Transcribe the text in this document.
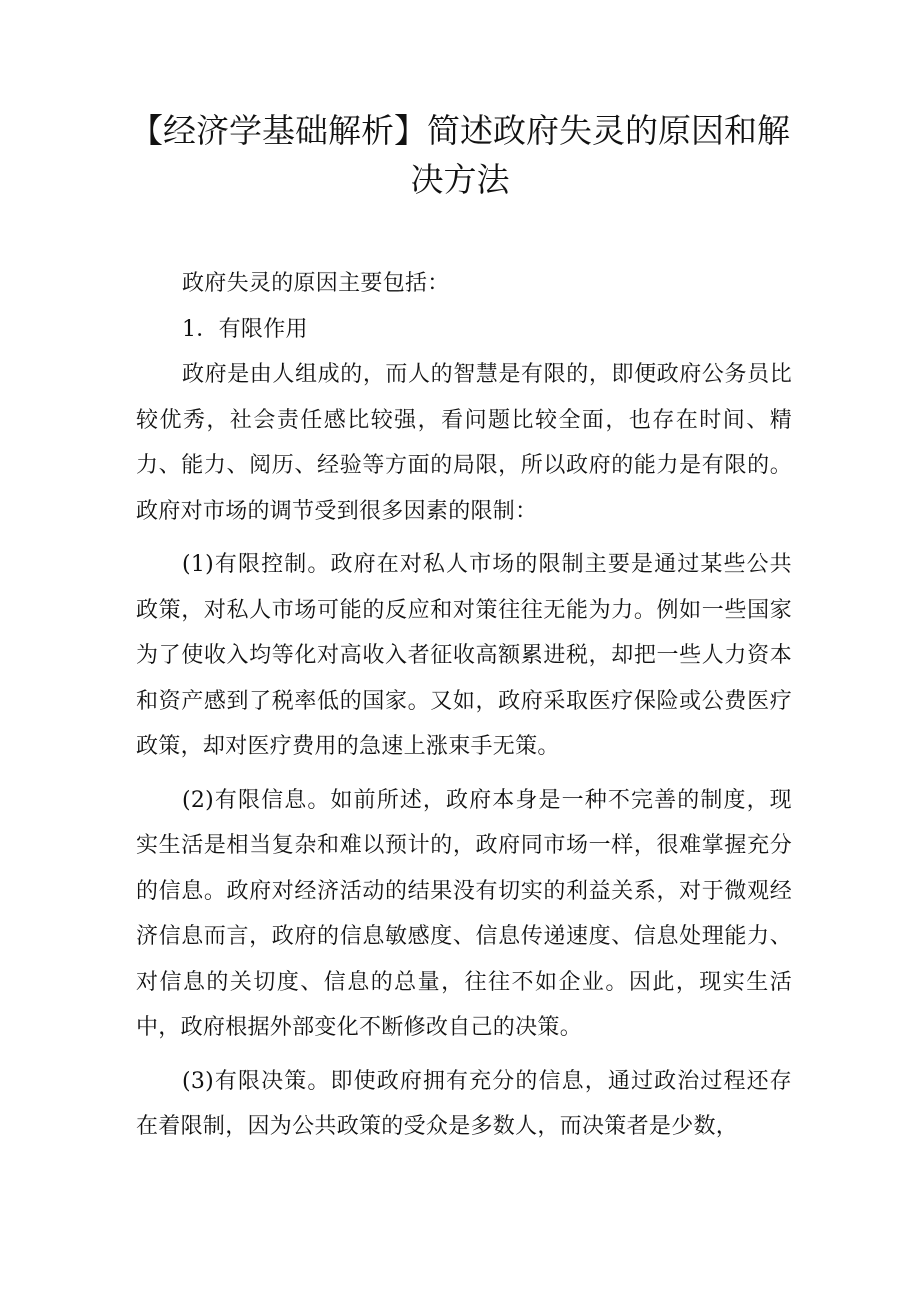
【经济学基础解析】简述政府失灵的原因和解决方法

政府失灵的原因主要包括：

1．有限作用

政府是由人组成的，而人的智慧是有限的，即便政府公务员比较优秀，社会责任感比较强，看问题比较全面，也存在时间、精力、能力、阅历、经验等方面的局限，所以政府的能力是有限的。政府对市场的调节受到很多因素的限制：

(1)有限控制。政府在对私人市场的限制主要是通过某些公共政策，对私人市场可能的反应和对策往往无能为力。例如一些国家为了使收入均等化对高收入者征收高额累进税，却把一些人力资本和资产感到了税率低的国家。又如，政府采取医疗保险或公费医疗政策，却对医疗费用的急速上涨束手无策。

(2)有限信息。如前所述，政府本身是一种不完善的制度，现实生活是相当复杂和难以预计的，政府同市场一样，很难掌握充分的信息。政府对经济活动的结果没有切实的利益关系，对于微观经济信息而言，政府的信息敏感度、信息传递速度、信息处理能力、对信息的关切度、信息的总量，往往不如企业。因此，现实生活中，政府根据外部变化不断修改自己的决策。

(3)有限决策。即使政府拥有充分的信息，通过政治过程还存在着限制，因为公共政策的受众是多数人，而决策者是少数，
